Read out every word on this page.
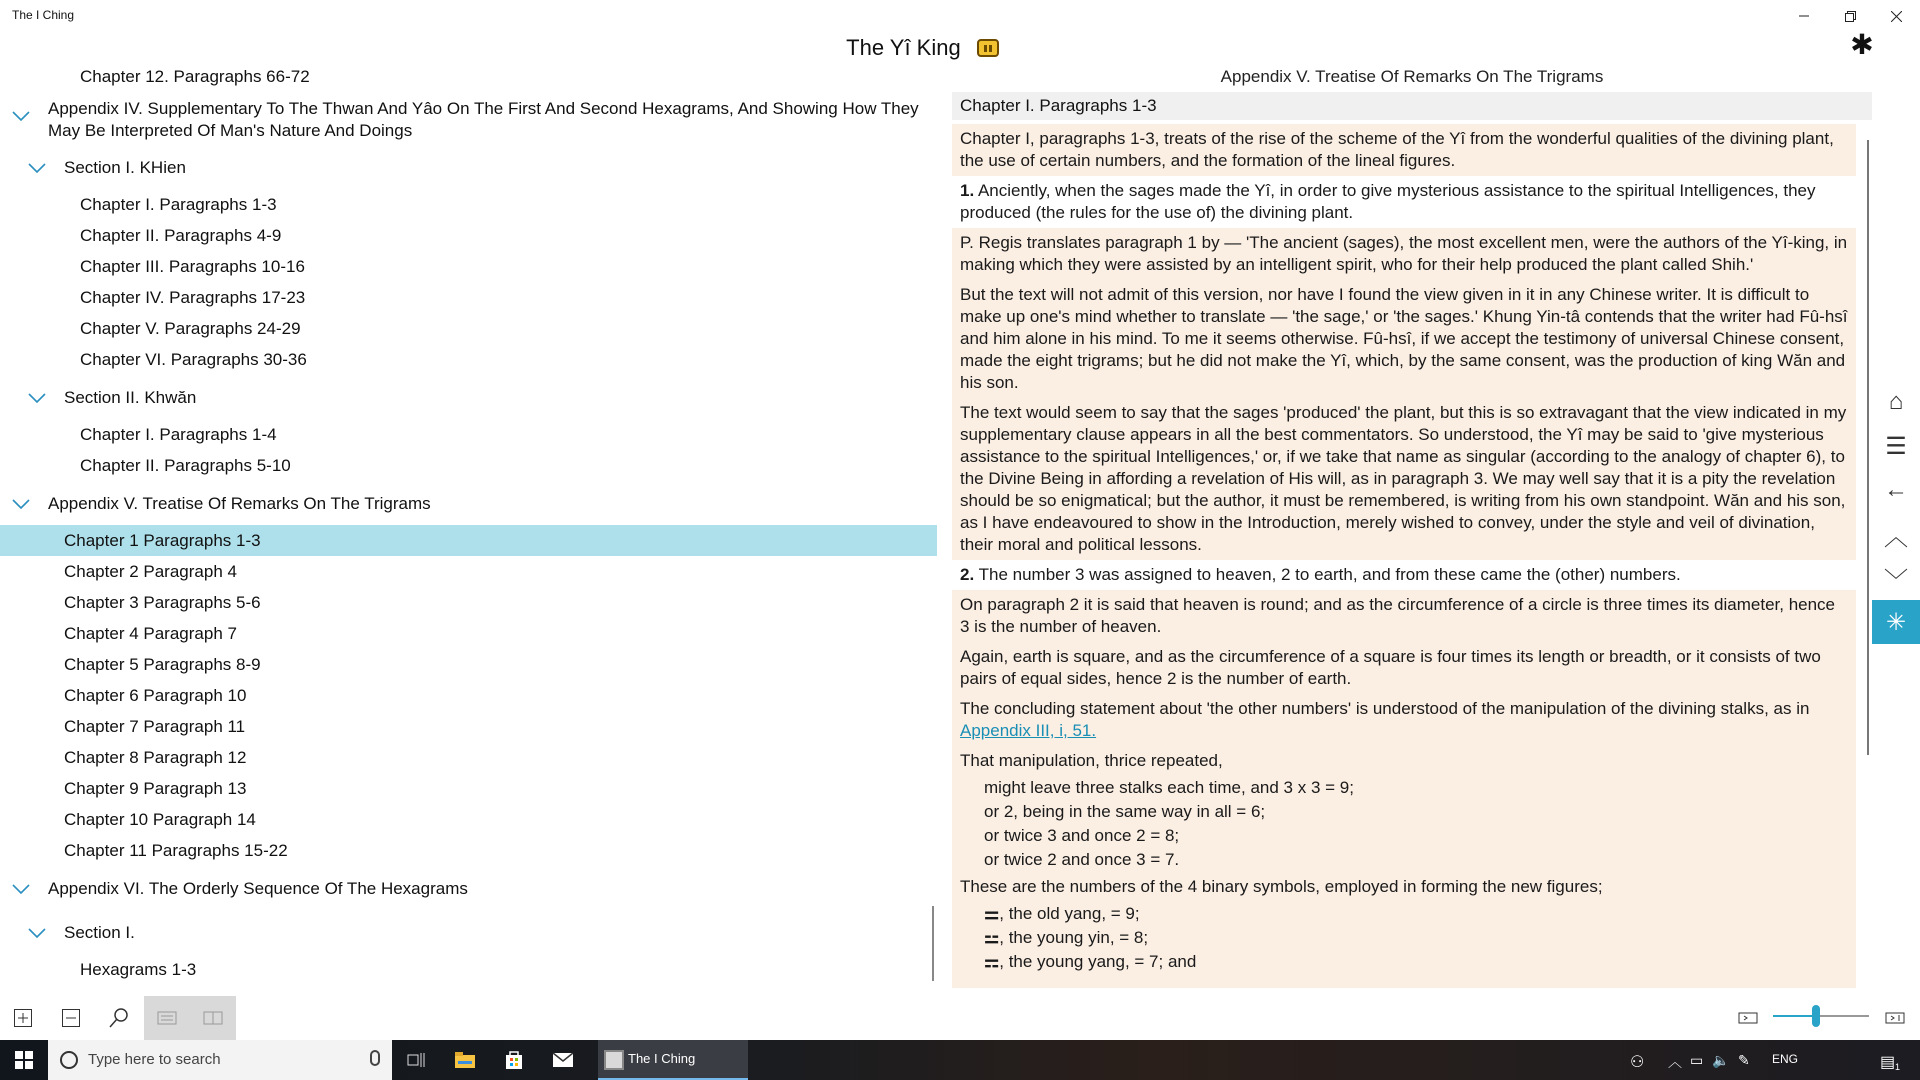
The I Ching
The Yî King	✱
Chapter 12. Paragraphs 66-72
Appendix IV. Supplementary To The Thwan And Yâo On The First And Second Hexagrams, And Showing How They
May Be Interpreted Of Man's Nature And Doings
Section I. KHien
Chapter I. Paragraphs 1-3
Chapter II. Paragraphs 4-9
Chapter III. Paragraphs 10-16
Chapter IV. Paragraphs 17-23
Chapter V. Paragraphs 24-29
Chapter VI. Paragraphs 30-36
Section II. Khwăn
Chapter I. Paragraphs 1-4
Chapter II. Paragraphs 5-10
Appendix V. Treatise Of Remarks On The Trigrams
Chapter 1 Paragraphs 1-3
Chapter 2 Paragraph 4
Chapter 3 Paragraphs 5-6
Chapter 4 Paragraph 7
Chapter 5 Paragraphs 8-9
Chapter 6 Paragraph 10
Chapter 7 Paragraph 11
Chapter 8 Paragraph 12
Chapter 9 Paragraph 13
Chapter 10 Paragraph 14
Chapter 11 Paragraphs 15-22
Appendix VI. The Orderly Sequence Of The Hexagrams
Section I.
Hexagrams 1-3
Appendix V. Treatise Of Remarks On The Trigrams
Chapter I. Paragraphs 1-3
Chapter I, paragraphs 1-3, treats of the rise of the scheme of the Yî from the wonderful qualities of the divining plant, the use of certain numbers, and the formation of the lineal figures.
1. Anciently, when the sages made the Yî, in order to give mysterious assistance to the spiritual Intelligences, they produced (the rules for the use of) the divining plant.
P. Regis translates paragraph 1 by — 'The ancient (sages), the most excellent men, were the authors of the Yî-king, in making which they were assisted by an intelligent spirit, who for their help produced the plant called Shih.'
But the text will not admit of this version, nor have I found the view given in it in any Chinese writer. It is difficult to make up one's mind whether to translate — 'the sage,' or 'the sages.' Khung Yin-tâ contends that the writer had Fû-hsî and him alone in his mind. To me it seems otherwise. Fû-hsî, if we accept the testimony of universal Chinese consent, made the eight trigrams; but he did not make the Yî, which, by the same consent, was the production of king Wăn and his son.
The text would seem to say that the sages 'produced' the plant, but this is so extravagant that the view indicated in my supplementary clause appears in all the best commentators. So understood, the Yî may be said to 'give mysterious assistance to the spiritual Intelligences,' or, if we take that name as singular (according to the analogy of chapter 6), to the Divine Being in affording a revelation of His will, as in paragraph 3. We may well say that it is a pity the revelation should be so enigmatical; but the author, it must be remembered, is writing from his own standpoint. Wăn and his son, as I have endeavoured to show in the Introduction, merely wished to convey, under the style and veil of divination, their moral and political lessons.
2. The number 3 was assigned to heaven, 2 to earth, and from these came the (other) numbers.
On paragraph 2 it is said that heaven is round; and as the circumference of a circle is three times its diameter, hence 3 is the number of heaven.
Again, earth is square, and as the circumference of a square is four times its length or breadth, or it consists of two pairs of equal sides, hence 2 is the number of earth.
The concluding statement about 'the other numbers' is understood of the manipulation of the divining stalks, as in
Appendix III, i, 51.
That manipulation, thrice repeated,
might leave three stalks each time, and 3 x 3 = 9;
or 2, being in the same way in all = 6;
or twice 3 and once 2 = 8;
or twice 2 and once 3 = 7.
These are the numbers of the 4 binary symbols, employed in forming the new figures;
⚌, the old yang, = 9;
⚍, the young yin, = 8;
⚎, the young yang, = 7; and
⌂
☰
←
︿
﹀
✳
Type here to search	The I Ching	⚇ ︿ ▭ 🔈 ✎ ENG	▤ 1
